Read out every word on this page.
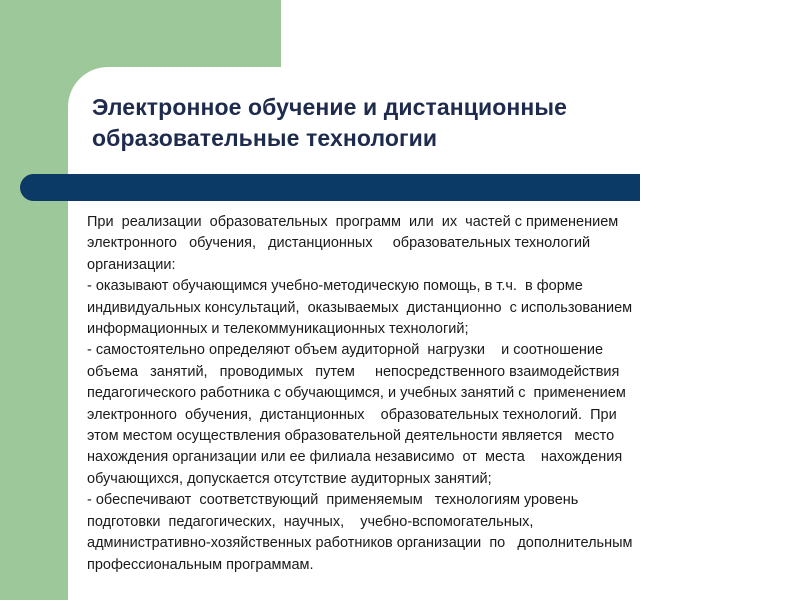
Электронное обучение и дистанционные
образовательные технологии
При  реализации  образовательных  программ  или  их  частей с применением
электронного   обучения,   дистанционных     образовательных технологий
организации:
- оказывают обучающимся учебно-методическую помощь, в т.ч.  в форме
индивидуальных консультаций,  оказываемых  дистанционно  с использованием
информационных и телекоммуникационных технологий;
- самостоятельно определяют объем аудиторной  нагрузки    и соотношение
объема   занятий,   проводимых   путем     непосредственного взаимодействия
педагогического работника с обучающимся, и учебных занятий с  применением
электронного  обучения,  дистанционных    образовательных технологий.  При
этом местом осуществления образовательной деятельности является   место
нахождения организации или ее филиала независимо  от  места    нахождения
обучающихся, допускается отсутствие аудиторных занятий;
- обеспечивают  соответствующий  применяемым   технологиям уровень
подготовки  педагогических,  научных,    учебно-вспомогательных,
административно-хозяйственных работников организации  по   дополнительным
профессиональным программам.
